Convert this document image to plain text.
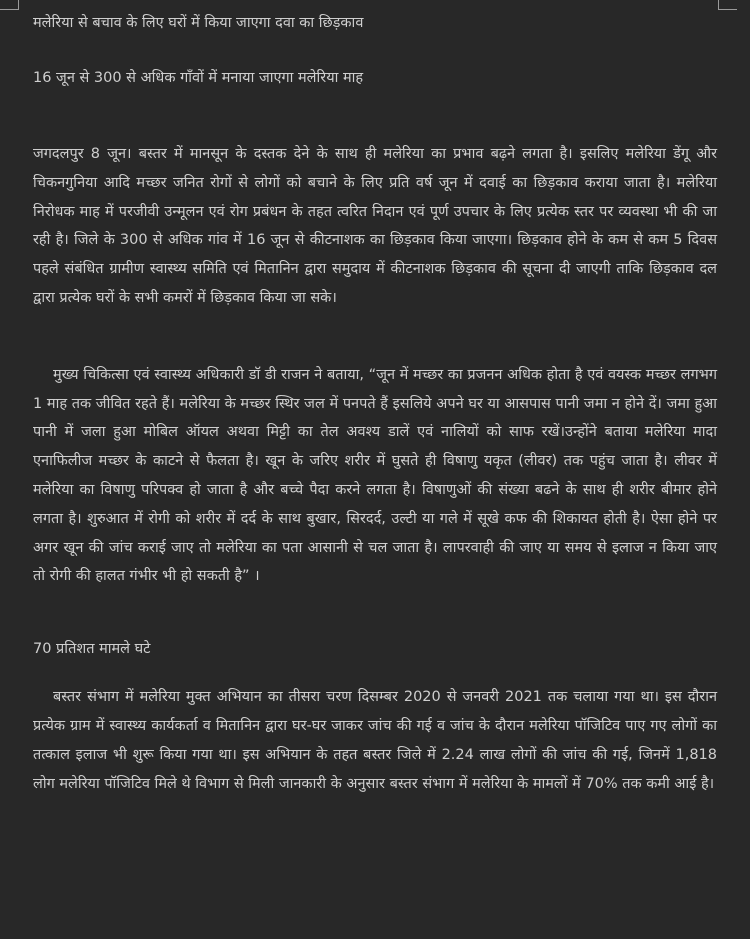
मलेरिया से बचाव के लिए घरों में किया जाएगा दवा का छिड़काव

16 जून से 300 से अधिक गाँवों में मनाया जाएगा मलेरिया माह

जगदलपुर 8 जून। बस्तर में मानसून के दस्तक देने के साथ ही मलेरिया का प्रभाव बढ़ने लगता है। इसलिए मलेरिया डेंगू और चिकनगुनिया आदि मच्छर जनित रोगों से लोगों को बचाने के लिए प्रति वर्ष जून में दवाई का छिड़काव कराया जाता है। मलेरिया निरोधक माह में परजीवी उन्मूलन एवं रोग प्रबंधन के तहत त्वरित निदान एवं पूर्ण उपचार के लिए प्रत्येक स्तर पर व्यवस्था भी की जा रही है। जिले के 300 से अधिक गांव में 16 जून से कीटनाशक का छिड़काव किया जाएगा। छिड़काव होने के कम से कम 5 दिवस पहले संबंधित ग्रामीण स्वास्थ्य समिति एवं मितानिन द्वारा समुदाय में कीटनाशक छिड़काव की सूचना दी जाएगी ताकि छिड़काव दल द्वारा प्रत्येक घरों के सभी कमरों में छिड़काव किया जा सके।

मुख्य चिकित्सा एवं स्वास्थ्य अधिकारी डॉ डी राजन ने बताया, “जून में मच्छर का प्रजनन अधिक होता है एवं वयस्क मच्छर लगभग 1 माह तक जीवित रहते हैं। मलेरिया के मच्छर स्थिर जल में पनपते हैं इसलिये अपने घर या आसपास पानी जमा न होने दें। जमा हुआ पानी में जला हुआ मोबिल ऑयल अथवा मिट्टी का तेल अवश्य डालें एवं नालियों को साफ रखें।उन्होंने बताया मलेरिया मादा एनाफिलीज मच्छर के काटने से फैलता है। खून के जरिए शरीर में घुसते ही विषाणु यकृत (लीवर) तक पहुंच जाता है। लीवर में मलेरिया का विषाणु परिपक्व हो जाता है और बच्चे पैदा करने लगता है। विषाणुओं की संख्या बढने के साथ ही शरीर बीमार होने लगता है। शुरुआत में रोगी को शरीर में दर्द के साथ बुखार, सिरदर्द, उल्टी या गले में सूखे कफ की शिकायत होती है। ऐसा होने पर अगर खून की जांच कराई जाए तो मलेरिया का पता आसानी से चल जाता है। लापरवाही की जाए या समय से इलाज न किया जाए तो रोगी की हालत गंभीर भी हो सकती है” ।

70 प्रतिशत मामले घटे

बस्तर संभाग में मलेरिया मुक्त अभियान का तीसरा चरण दिसम्बर 2020 से जनवरी 2021 तक चलाया गया था। इस दौरान प्रत्येक ग्राम में स्वास्थ्य कार्यकर्ता व मितानिन द्वारा घर-घर जाकर जांच की गई व जांच के दौरान मलेरिया पॉजिटिव पाए गए लोगों का तत्काल इलाज भी शुरू किया गया था। इस अभियान के तहत बस्तर जिले में 2.24 लाख लोगों की जांच की गई, जिनमें 1,818 लोग मलेरिया पॉजिटिव मिले थे विभाग से मिली जानकारी के अनुसार बस्तर संभाग में मलेरिया के मामलों में 70% तक कमी आई है।
